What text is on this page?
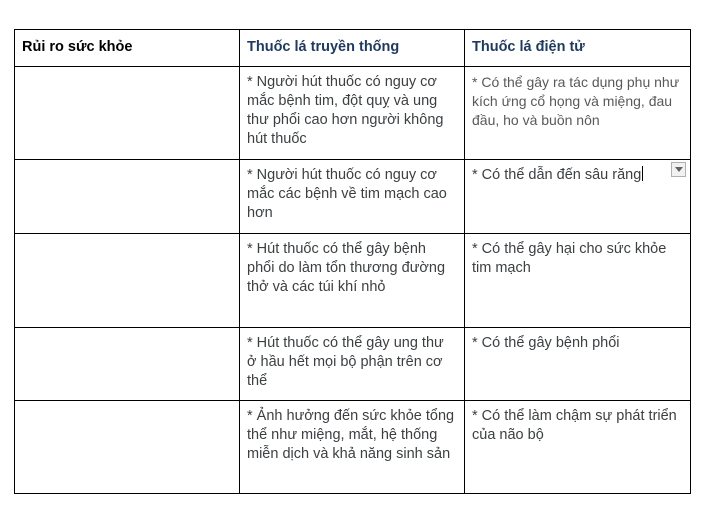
Rủi ro sức khỏe	Thuốc lá truyền thống	Thuốc lá điện tử
	* Người hút thuốc có nguy cơ mắc bệnh tim, đột quỵ và ung thư phổi cao hơn người không hút thuốc	* Có thể gây ra tác dụng phụ như kích ứng cổ họng và miệng, đau đầu, ho và buồn nôn
	* Người hút thuốc có nguy cơ mắc các bệnh về tim mạch cao hơn	* Có thể dẫn đến sâu răng
	* Hút thuốc có thể gây bệnh phổi do làm tổn thương đường thở và các túi khí nhỏ	* Có thể gây hại cho sức khỏe tim mạch
	* Hút thuốc có thể gây ung thư ở hầu hết mọi bộ phận trên cơ thể	* Có thể gây bệnh phổi
	* Ảnh hưởng đến sức khỏe tổng thể như miệng, mắt, hệ thống miễn dịch và khả năng sinh sản	* Có thể làm chậm sự phát triển của não bộ
